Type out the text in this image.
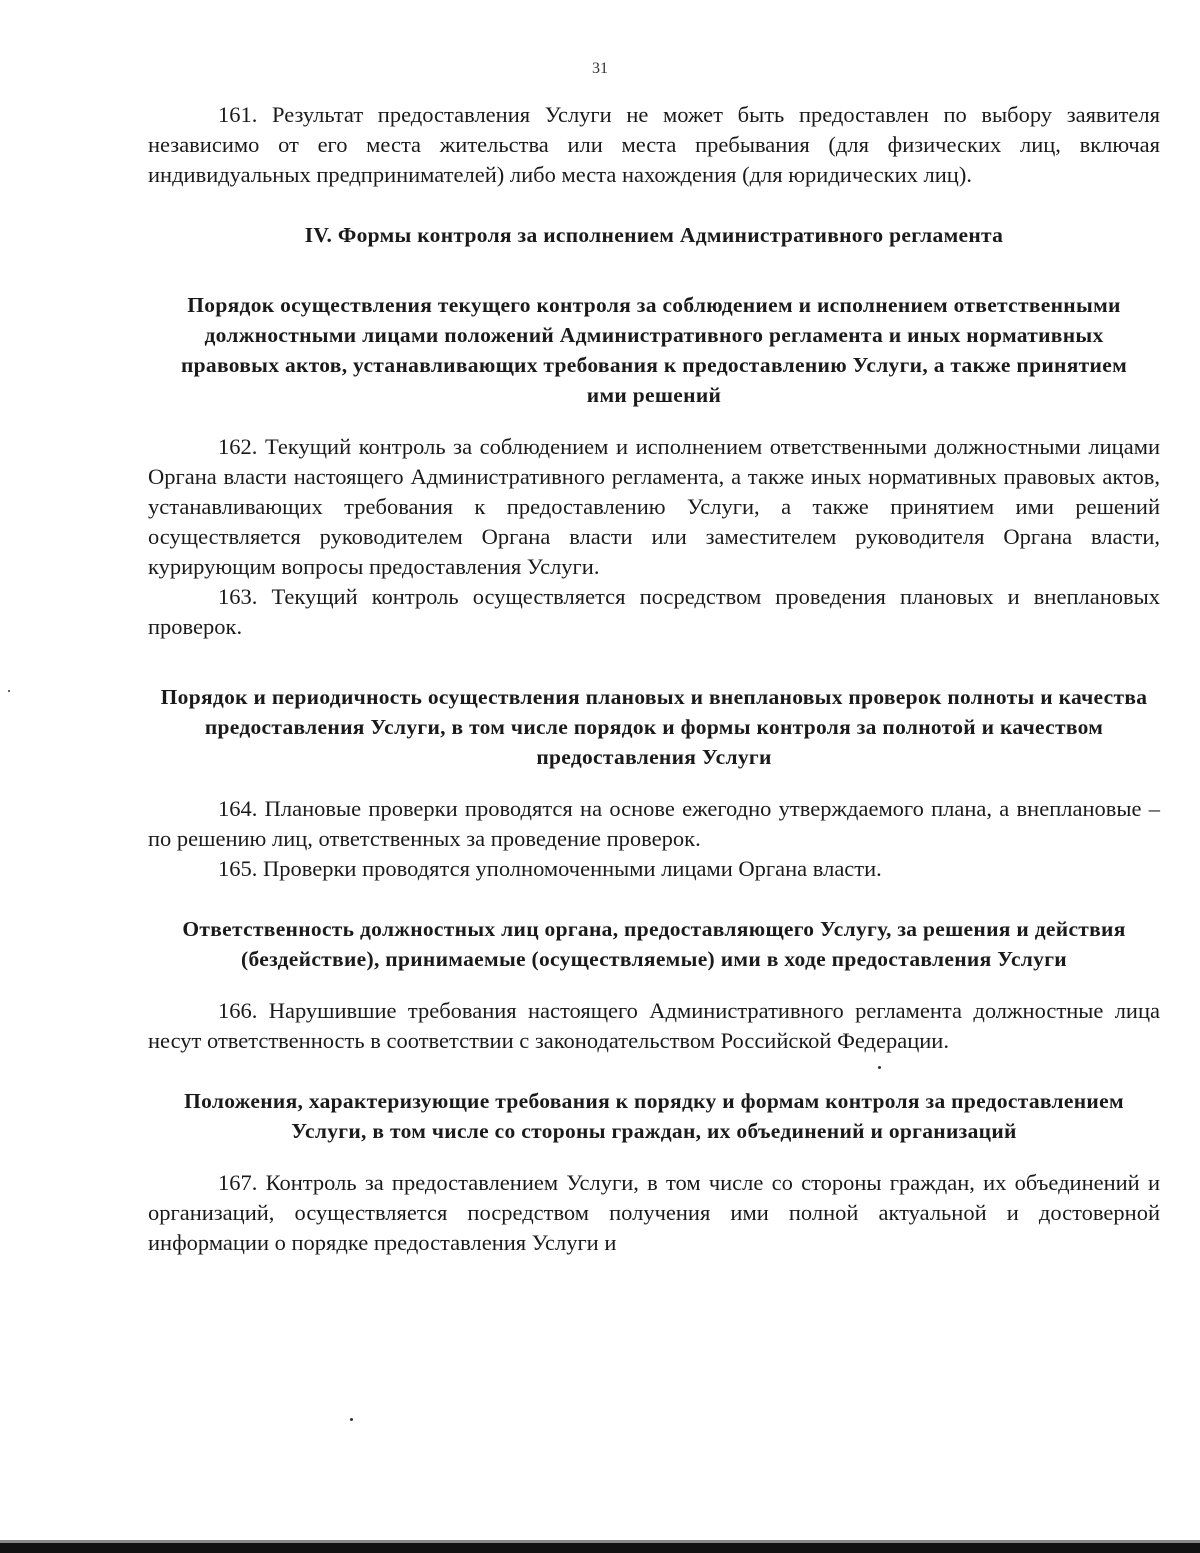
31

161. Результат предоставления Услуги не может быть предоставлен по выбору заявителя независимо от его места жительства или места пребывания (для физических лиц, включая индивидуальных предпринимателей) либо места нахождения (для юридических лиц).

IV. Формы контроля за исполнением Административного регламента
Порядок осуществления текущего контроля за соблюдением и исполнением ответственными должностными лицами положений Административного регламента и иных нормативных правовых актов, устанавливающих требования к предоставлению Услуги, а также принятием ими решений

162. Текущий контроль за соблюдением и исполнением ответственными должностными лицами Органа власти настоящего Административного регламента, а также иных нормативных правовых актов, устанавливающих требования к предоставлению Услуги, а также принятием ими решений осуществляется руководителем Органа власти или заместителем руководителя Органа власти, курирующим вопросы предоставления Услуги.

163. Текущий контроль осуществляется посредством проведения плановых и внеплановых проверок.

Порядок и периодичность осуществления плановых и внеплановых проверок полноты и качества предоставления Услуги, в том числе порядок и формы контроля за полнотой и качеством предоставления Услуги

164. Плановые проверки проводятся на основе ежегодно утверждаемого плана, а внеплановые – по решению лиц, ответственных за проведение проверок.

165. Проверки проводятся уполномоченными лицами Органа власти.

Ответственность должностных лиц органа, предоставляющего Услугу, за решения и действия (бездействие), принимаемые (осуществляемые) ими в ходе предоставления Услуги

166. Нарушившие требования настоящего Административного регламента должностные лица несут ответственность в соответствии с законодательством Российской Федерации.

Положения, характеризующие требования к порядку и формам контроля за предоставлением Услуги, в том числе со стороны граждан, их объединений и организаций

167. Контроль за предоставлением Услуги, в том числе со стороны граждан, их объединений и организаций, осуществляется посредством получения ими полной актуальной и достоверной информации о порядке предоставления Услуги и
